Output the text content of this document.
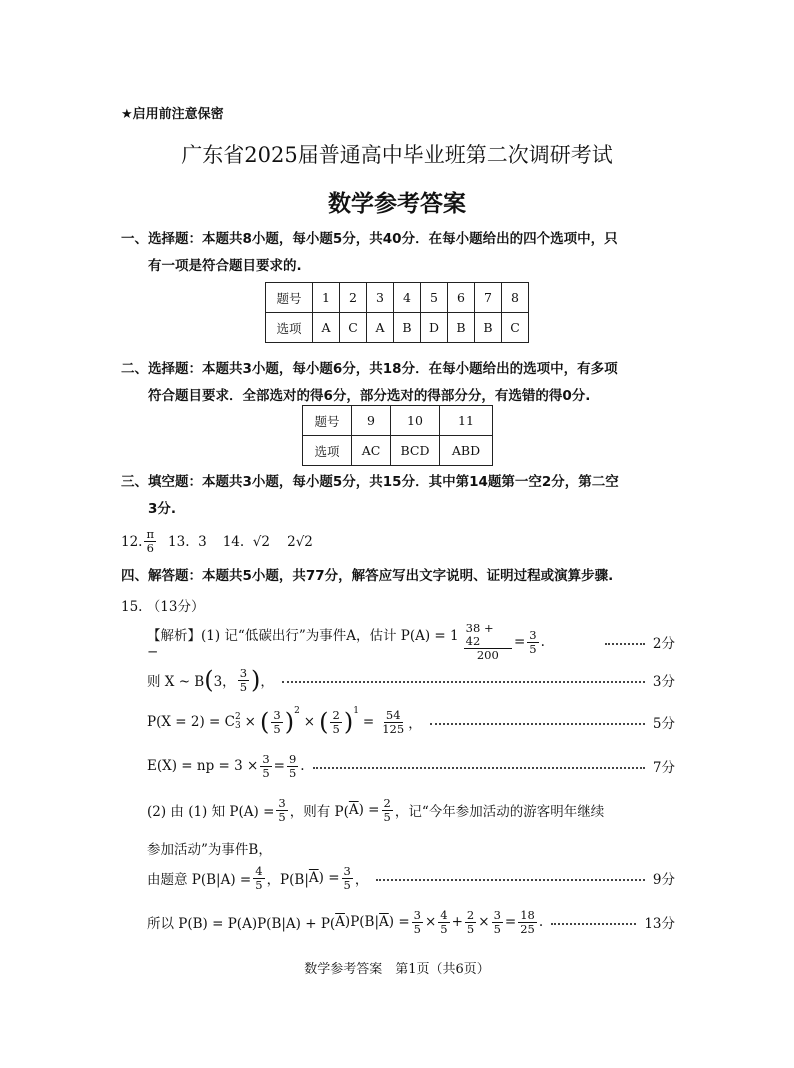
★启用前注意保密
广东省2025届普通高中毕业班第二次调研考试
数学参考答案
一、选择题：本题共8小题，每小题5分，共40分．在每小题给出的四个选项中，只
有一项是符合题目要求的.
题号	1	2	3	4	5	6	7	8
选项	A	C	A	B	D	B	B	C
二、选择题：本题共3小题，每小题6分，共18分．在每小题给出的选项中，有多项
符合题目要求．全部选对的得6分，部分选对的得部分分，有选错的得0分.
题号	9	10	11
选项	AC	BCD	ABD
三、填空题：本题共3小题，每小题5分，共15分．其中第14题第一空2分，第二空
3分.
12. $\frac{\pi}{6} 13$.  3 14.  √2    2√2
四、解答题：本题共5小题，共77分，解答应写出文字说明、证明过程或演算步骤.
15. （13分）
【解析】(1) 记“低碳出行”为事件A，估计 P(A) = 1 −	$\frac{38 + 42}{200} = \frac{3}{5}$ .	2分
则 X ~ B ( 3， $\frac{3}{5}$ ) ，	3分
P(X = 2) = C 2
3 × ( $\frac{3}{5}$ ) 2
× ( $\frac{2}{5}$ ) 1
= $\frac{54}{125}$ ，	5分
E(X) = np = $3 \times \frac{3}{5} = \frac{9}{5}$ .	7分
(2) 由 (1) 知 $P(A) = \frac{3}{5}$ ，则有 P( $\overline{A}$ ) = $\frac{2}{5}$ ，记“今年参加活动的游客明年继续
参加活动”为事件B，
由题意 $P(B|A) = \frac{4}{5}$ ，P(B| $\overline{A}$ ) = $\frac{3}{5}$ ，	9分
所以 P(B) = P(A)P(B|A) + P( $\overline{A}$ )P(B| $\overline{A}$ ) = $\frac{3}{5} \times \frac{4}{5} + \frac{2}{5} \times \frac{3}{5} = \frac{18}{25}$ .	13分
数学参考答案　第1页（共6页）
